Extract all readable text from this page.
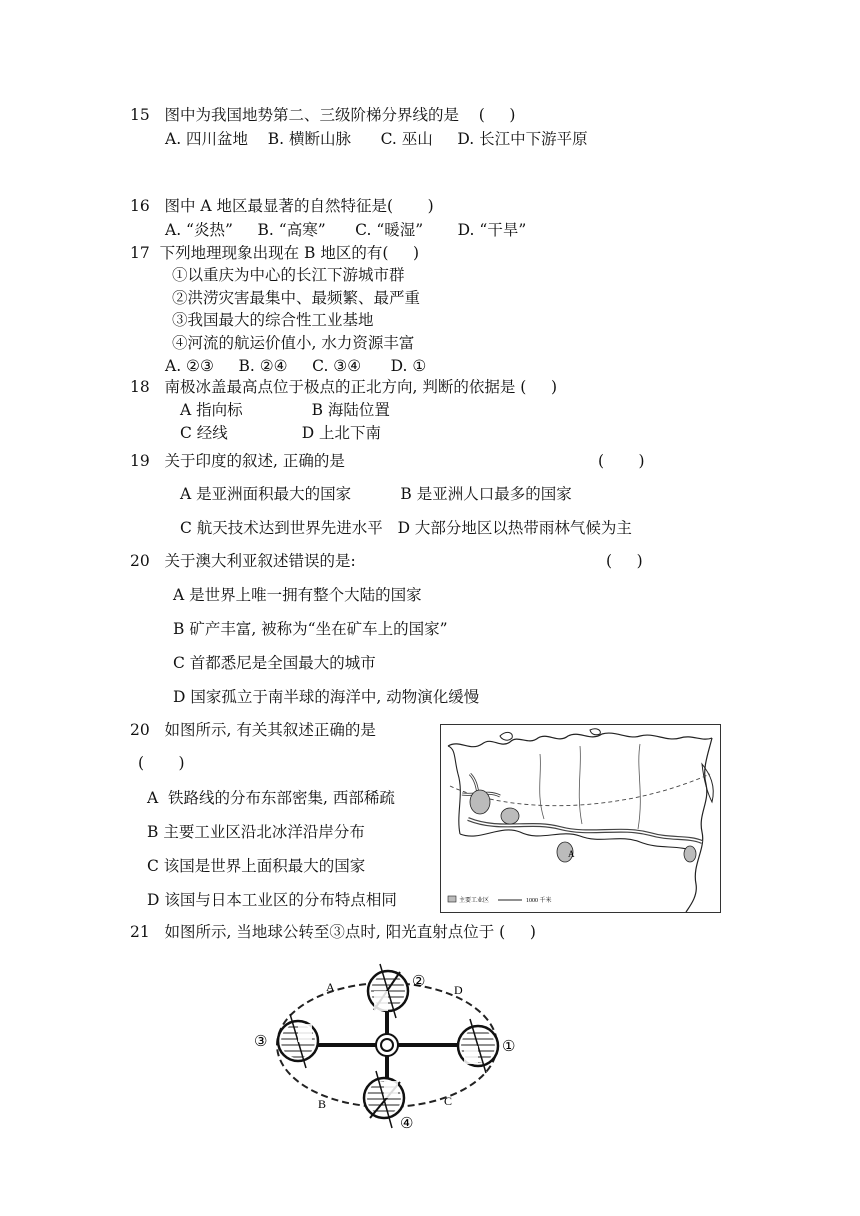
15   图中为我国地势第二、三级阶梯分界线的是    (     )
A. 四川盆地    B. 横断山脉      C. 巫山     D. 长江中下游平原
16   图中 A 地区最显著的自然特征是(       )
A. “炎热”     B. “高寒”      C. “暖湿”       D. “干旱”
17  下列地理现象出现在 B 地区的有(     )
①以重庆为中心的长江下游城市群
②洪涝灾害最集中、最频繁、最严重
③我国最大的综合性工业基地
④河流的航运价值小, 水力资源丰富
A. ②③     B. ②④     C. ③④      D. ①
18   南极冰盖最高点位于极点的正北方向, 判断的依据是 (     )
A 指向标              B 海陆位置
C 经线               D 上北下南
19   关于印度的叙述, 正确的是	(       )
A 是亚洲面积最大的国家          B 是亚洲人口最多的国家
C 航天技术达到世界先进水平   D 大部分地区以热带雨林气候为主
20   关于澳大利亚叙述错误的是:	(     )
A 是世界上唯一拥有整个大陆的国家
B 矿产丰富, 被称为“坐在矿车上的国家”
C 首都悉尼是全国最大的城市
D 国家孤立于南半球的海洋中, 动物演化缓慢
20   如图所示, 有关其叙述正确的是
(       )
A  铁路线的分布东部密集, 西部稀疏
B 主要工业区沿北冰洋沿岸分布
C 该国是世界上面积最大的国家
D 该国与日本工业区的分布特点相同
A
主要工业区	1000 千米
21   如图所示, 当地球公转至③点时, 阳光直射点位于 (     )
②
①
③
④
A	D
B	C
